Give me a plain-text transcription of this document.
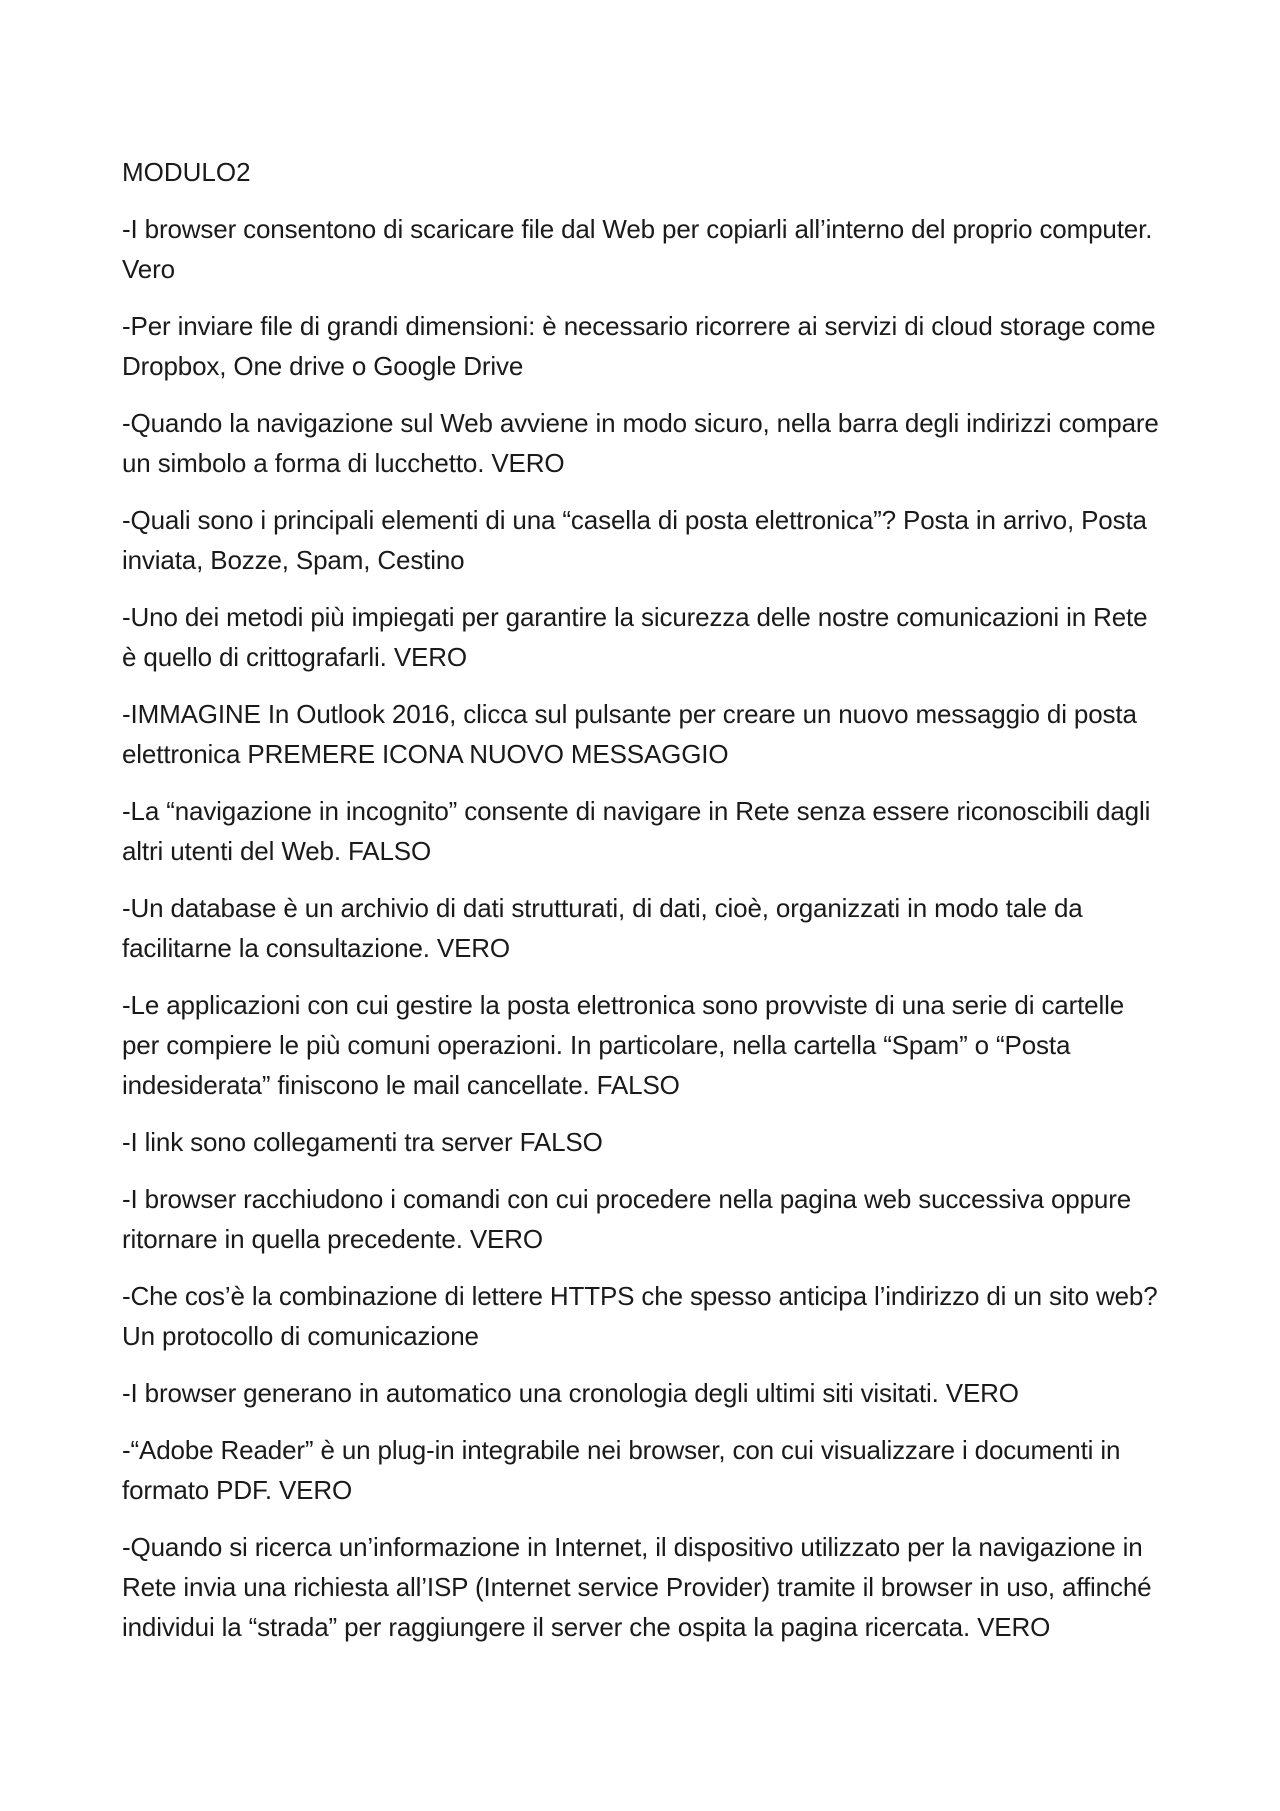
MODULO2

-I browser consentono di scaricare file dal Web per copiarli all’interno del proprio computer. Vero

-Per inviare file di grandi dimensioni: è necessario ricorrere ai servizi di cloud storage come Dropbox, One drive o Google Drive

-Quando la navigazione sul Web avviene in modo sicuro, nella barra degli indirizzi compare un simbolo a forma di lucchetto. VERO

-Quali sono i principali elementi di una “casella di posta elettronica”? Posta in arrivo, Posta inviata, Bozze, Spam, Cestino

-Uno dei metodi più impiegati per garantire la sicurezza delle nostre comunicazioni in Rete è quello di crittografarli. VERO

-IMMAGINE In Outlook 2016, clicca sul pulsante per creare un nuovo messaggio di posta elettronica PREMERE ICONA NUOVO MESSAGGIO

-La “navigazione in incognito” consente di navigare in Rete senza essere riconoscibili dagli altri utenti del Web. FALSO

-Un database è un archivio di dati strutturati, di dati, cioè, organizzati in modo tale da facilitarne la consultazione. VERO

-Le applicazioni con cui gestire la posta elettronica sono provviste di una serie di cartelle per compiere le più comuni operazioni. In particolare, nella cartella “Spam” o “Posta indesiderata” finiscono le mail cancellate. FALSO

-I link sono collegamenti tra server FALSO

-I browser racchiudono i comandi con cui procedere nella pagina web successiva oppure ritornare in quella precedente. VERO

-Che cos’è la combinazione di lettere HTTPS che spesso anticipa l’indirizzo di un sito web? Un protocollo di comunicazione

-I browser generano in automatico una cronologia degli ultimi siti visitati. VERO

-“Adobe Reader” è un plug-in integrabile nei browser, con cui visualizzare i documenti in formato PDF. VERO

-Quando si ricerca un’informazione in Internet, il dispositivo utilizzato per la navigazione in Rete invia una richiesta all’ISP (Internet service Provider) tramite il browser in uso, affinché individui la “strada” per raggiungere il server che ospita la pagina ricercata. VERO
